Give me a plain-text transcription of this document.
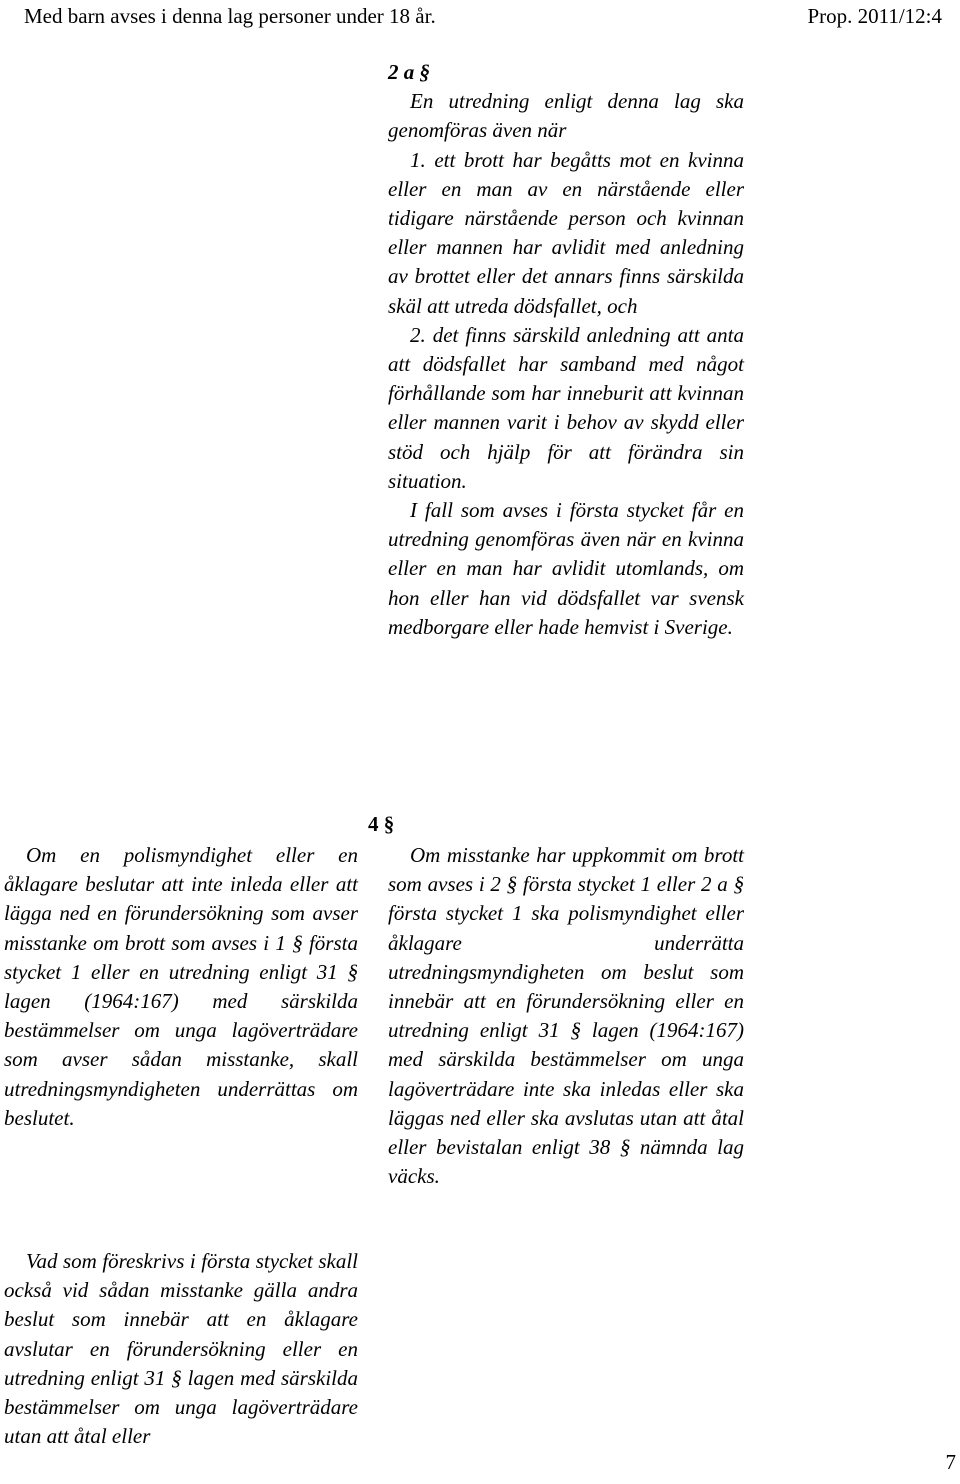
Med barn avses i denna lag personer under 18 år.	Prop. 2011/12:4

2 a §

En utredning enligt denna lag ska genomföras även när

1. ett brott har begåtts mot en kvinna eller en man av en närstående eller tidigare närstående person och kvinnan eller mannen har avlidit med anledning av brottet eller det annars finns särskilda skäl att utreda dödsfallet, och

2. det finns särskild anledning att anta att dödsfallet har samband med något förhållande som har inneburit att kvinnan eller mannen varit i behov av skydd eller stöd och hjälp för att förändra sin situation.

I fall som avses i första stycket får en utredning genomföras även när en kvinna eller en man har avlidit utomlands, om hon eller han vid dödsfallet var svensk medborgare eller hade hemvist i Sverige.

4 §

Om misstanke har uppkommit om brott som avses i 2 § första stycket 1 eller 2 a § första stycket 1 ska polismyndighet eller åklagare underrätta utredningsmyndigheten om beslut som innebär att en förundersökning eller en utredning enligt 31 § lagen (1964:167) med särskilda bestämmelser om unga lagöverträdare inte ska inledas eller ska läggas ned eller ska avslutas utan att åtal eller bevistalan enligt 38 § nämnda lag väcks.

Om en polismyndighet eller en åklagare beslutar att inte inleda eller att lägga ned en förundersökning som avser misstanke om brott som avses i 1 § första stycket 1 eller en utredning enligt 31 § lagen (1964:167) med särskilda bestämmelser om unga lagöverträdare som avser sådan misstanke, skall utredningsmyndigheten underrättas om beslutet.

Vad som föreskrivs i första stycket skall också vid sådan misstanke gälla andra beslut som innebär att en åklagare avslutar en förundersökning eller en utredning enligt 31 § lagen med särskilda bestämmelser om unga lagöverträdare utan att åtal eller

7
